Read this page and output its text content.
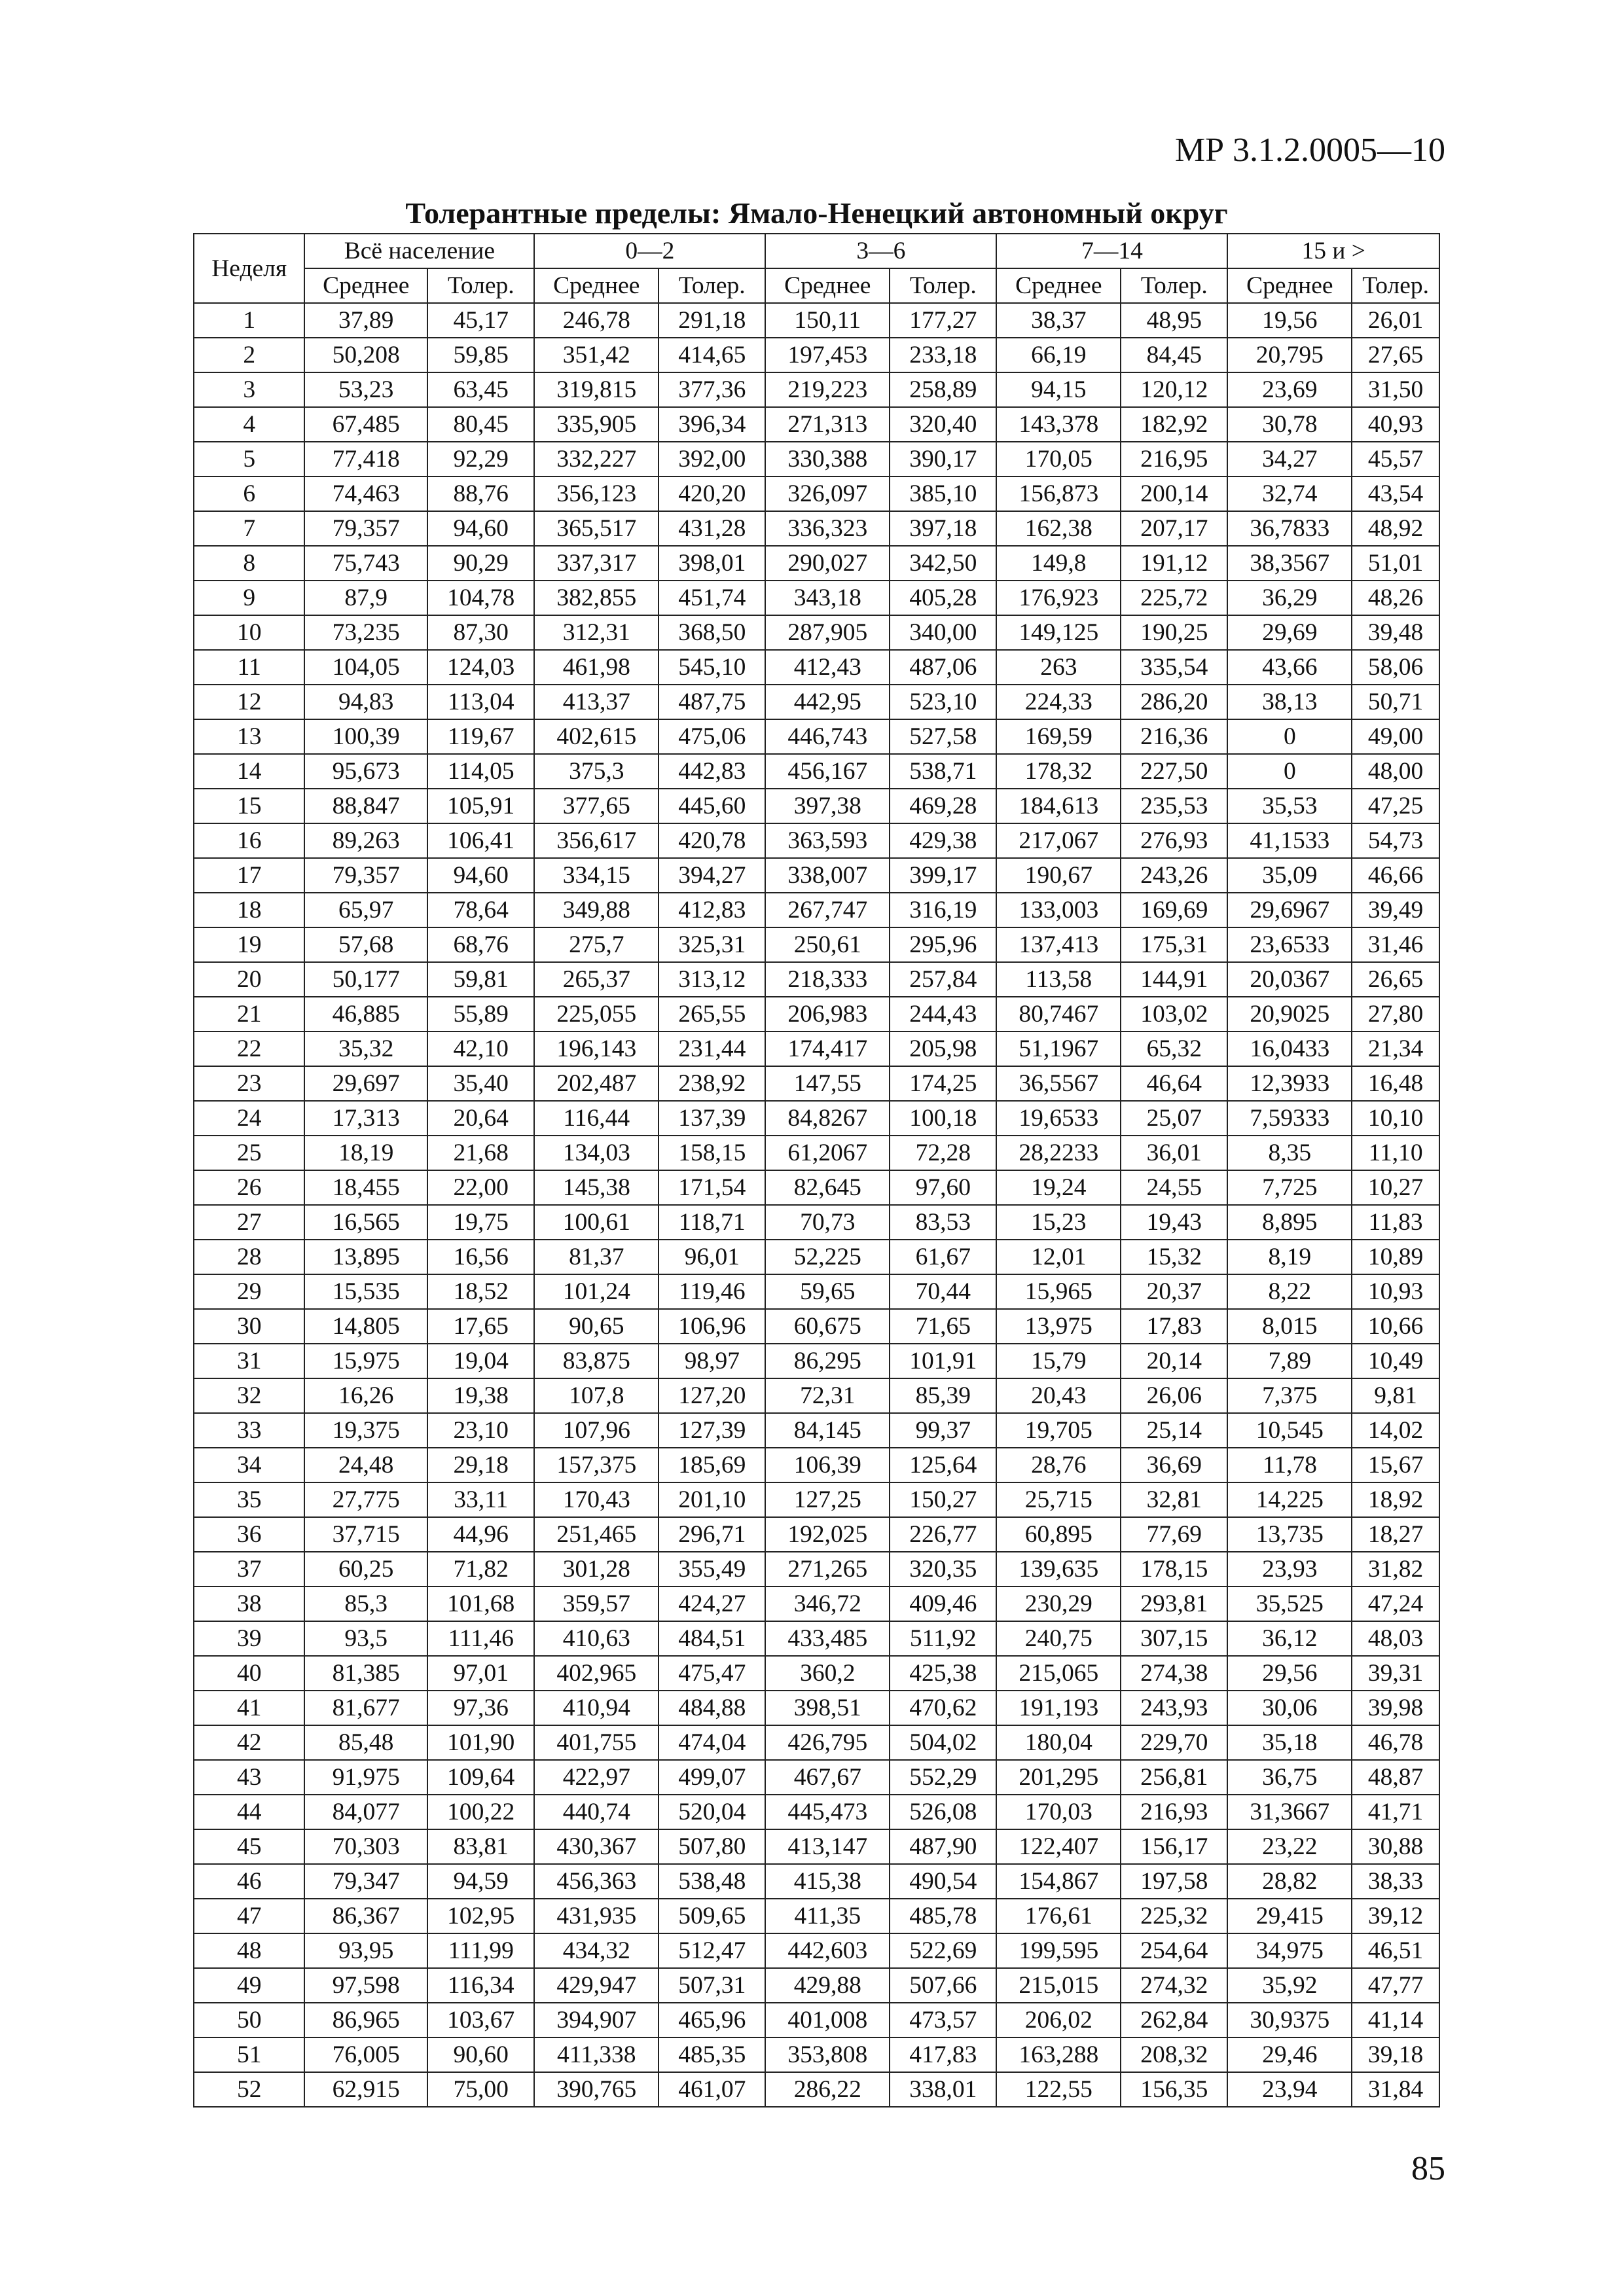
МР 3.1.2.0005—10
Толерантные пределы: Ямало-Ненецкий автономный округ
Неделя	Всё население		0—2		3—6		7—14		15 и >	
	Среднее	Толер.	Среднее	Толер.	Среднее	Толер.	Среднее	Толер.	Среднее	Толер.
1	37,89	45,17	246,78	291,18	150,11	177,27	38,37	48,95	19,56	26,01
2	50,208	59,85	351,42	414,65	197,453	233,18	66,19	84,45	20,795	27,65
3	53,23	63,45	319,815	377,36	219,223	258,89	94,15	120,12	23,69	31,50
4	67,485	80,45	335,905	396,34	271,313	320,40	143,378	182,92	30,78	40,93
5	77,418	92,29	332,227	392,00	330,388	390,17	170,05	216,95	34,27	45,57
6	74,463	88,76	356,123	420,20	326,097	385,10	156,873	200,14	32,74	43,54
7	79,357	94,60	365,517	431,28	336,323	397,18	162,38	207,17	36,7833	48,92
8	75,743	90,29	337,317	398,01	290,027	342,50	149,8	191,12	38,3567	51,01
9	87,9	104,78	382,855	451,74	343,18	405,28	176,923	225,72	36,29	48,26
10	73,235	87,30	312,31	368,50	287,905	340,00	149,125	190,25	29,69	39,48
11	104,05	124,03	461,98	545,10	412,43	487,06	263	335,54	43,66	58,06
12	94,83	113,04	413,37	487,75	442,95	523,10	224,33	286,20	38,13	50,71
13	100,39	119,67	402,615	475,06	446,743	527,58	169,59	216,36	0	49,00
14	95,673	114,05	375,3	442,83	456,167	538,71	178,32	227,50	0	48,00
15	88,847	105,91	377,65	445,60	397,38	469,28	184,613	235,53	35,53	47,25
16	89,263	106,41	356,617	420,78	363,593	429,38	217,067	276,93	41,1533	54,73
17	79,357	94,60	334,15	394,27	338,007	399,17	190,67	243,26	35,09	46,66
18	65,97	78,64	349,88	412,83	267,747	316,19	133,003	169,69	29,6967	39,49
19	57,68	68,76	275,7	325,31	250,61	295,96	137,413	175,31	23,6533	31,46
20	50,177	59,81	265,37	313,12	218,333	257,84	113,58	144,91	20,0367	26,65
21	46,885	55,89	225,055	265,55	206,983	244,43	80,7467	103,02	20,9025	27,80
22	35,32	42,10	196,143	231,44	174,417	205,98	51,1967	65,32	16,0433	21,34
23	29,697	35,40	202,487	238,92	147,55	174,25	36,5567	46,64	12,3933	16,48
24	17,313	20,64	116,44	137,39	84,8267	100,18	19,6533	25,07	7,59333	10,10
25	18,19	21,68	134,03	158,15	61,2067	72,28	28,2233	36,01	8,35	11,10
26	18,455	22,00	145,38	171,54	82,645	97,60	19,24	24,55	7,725	10,27
27	16,565	19,75	100,61	118,71	70,73	83,53	15,23	19,43	8,895	11,83
28	13,895	16,56	81,37	96,01	52,225	61,67	12,01	15,32	8,19	10,89
29	15,535	18,52	101,24	119,46	59,65	70,44	15,965	20,37	8,22	10,93
30	14,805	17,65	90,65	106,96	60,675	71,65	13,975	17,83	8,015	10,66
31	15,975	19,04	83,875	98,97	86,295	101,91	15,79	20,14	7,89	10,49
32	16,26	19,38	107,8	127,20	72,31	85,39	20,43	26,06	7,375	9,81
33	19,375	23,10	107,96	127,39	84,145	99,37	19,705	25,14	10,545	14,02
34	24,48	29,18	157,375	185,69	106,39	125,64	28,76	36,69	11,78	15,67
35	27,775	33,11	170,43	201,10	127,25	150,27	25,715	32,81	14,225	18,92
36	37,715	44,96	251,465	296,71	192,025	226,77	60,895	77,69	13,735	18,27
37	60,25	71,82	301,28	355,49	271,265	320,35	139,635	178,15	23,93	31,82
38	85,3	101,68	359,57	424,27	346,72	409,46	230,29	293,81	35,525	47,24
39	93,5	111,46	410,63	484,51	433,485	511,92	240,75	307,15	36,12	48,03
40	81,385	97,01	402,965	475,47	360,2	425,38	215,065	274,38	29,56	39,31
41	81,677	97,36	410,94	484,88	398,51	470,62	191,193	243,93	30,06	39,98
42	85,48	101,90	401,755	474,04	426,795	504,02	180,04	229,70	35,18	46,78
43	91,975	109,64	422,97	499,07	467,67	552,29	201,295	256,81	36,75	48,87
44	84,077	100,22	440,74	520,04	445,473	526,08	170,03	216,93	31,3667	41,71
45	70,303	83,81	430,367	507,80	413,147	487,90	122,407	156,17	23,22	30,88
46	79,347	94,59	456,363	538,48	415,38	490,54	154,867	197,58	28,82	38,33
47	86,367	102,95	431,935	509,65	411,35	485,78	176,61	225,32	29,415	39,12
48	93,95	111,99	434,32	512,47	442,603	522,69	199,595	254,64	34,975	46,51
49	97,598	116,34	429,947	507,31	429,88	507,66	215,015	274,32	35,92	47,77
50	86,965	103,67	394,907	465,96	401,008	473,57	206,02	262,84	30,9375	41,14
51	76,005	90,60	411,338	485,35	353,808	417,83	163,288	208,32	29,46	39,18
52	62,915	75,00	390,765	461,07	286,22	338,01	122,55	156,35	23,94	31,84
85
